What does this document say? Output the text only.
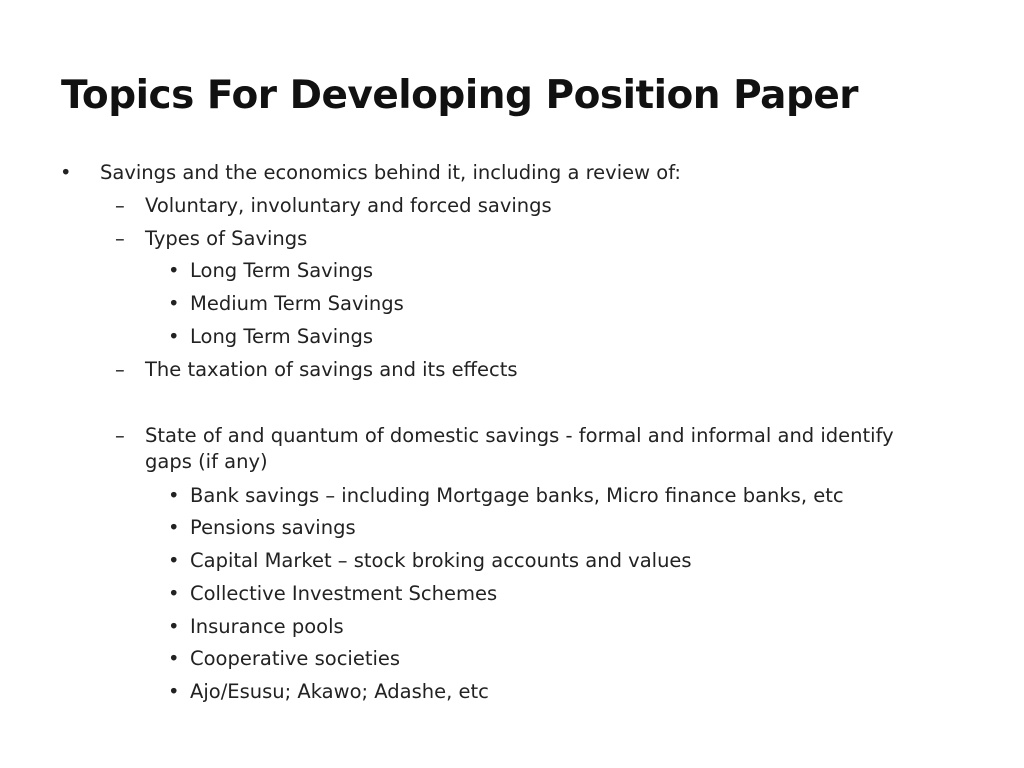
Topics For Developing Position Paper
• Savings and the economics behind it, including a review of:
– Voluntary, involuntary and forced savings
– Types of Savings
• Long Term Savings
• Medium Term Savings
• Long Term Savings
– The taxation of savings and its effects
– State of and quantum of domestic savings - formal and informal and identify gaps (if any)
• Bank savings – including Mortgage banks, Micro finance banks, etc
• Pensions savings
• Capital Market – stock broking accounts and values
• Collective Investment Schemes
• Insurance pools
• Cooperative societies
• Ajo/Esusu; Akawo; Adashe, etc
